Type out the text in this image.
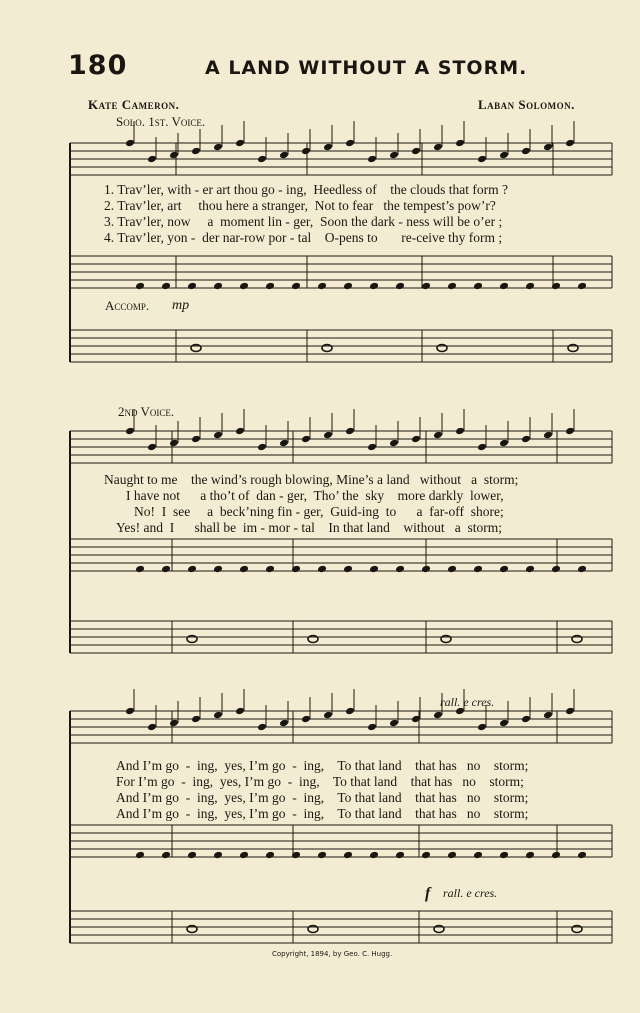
180	A LAND WITHOUT A STORM.
Kate Cameron.	Laban Solomon.
Solo. 1st. Voice.
1. Trav’ler, with - er art thou go - ing,  Heedless of    the clouds that form ?
2. Trav’ler, art     thou here a stranger,  Not to fear   the tempest’s pow’r?
3. Trav’ler, now     a  moment lin - ger,  Soon the dark - ness will be o’er ;
4. Trav’ler, yon -  der nar-row por - tal    O-pens to       re-ceive thy form ;
Accomp. mp
2nd Voice.
Naught to me    the wind’s rough blowing, Mine’s a land   without   a  storm;
I have not      a tho’t of  dan - ger,  Tho’ the  sky    more darkly  lower,
No!  I  see     a  beck’ning fin - ger,  Guid-ing  to      a  far-off  shore;
Yes! and  I      shall be  im - mor - tal    In that land    without   a  storm;
rall. e cres.
And I’m go  -  ing,  yes, I’m go  -  ing,    To that land    that has   no    storm;
For I’m go  -  ing,  yes, I’m go  -  ing,    To that land    that has   no    storm;
And I’m go  -  ing,  yes, I’m go  -  ing,    To that land    that has   no    storm;
And I’m go  -  ing,  yes, I’m go  -  ing,    To that land    that has   no    storm;
f rall. e cres.
Copyright, 1894, by Geo. C. Hugg.
